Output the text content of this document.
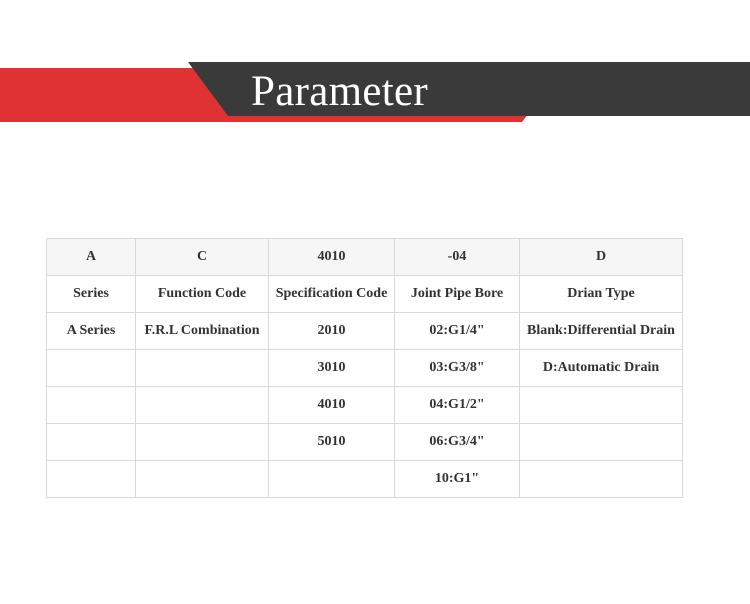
Parameter
A	C	4010	-04	D
Series	Function Code	Specification Code	Joint Pipe Bore	Drian Type
A Series	F.R.L Combination	2010	02:G1/4"	Blank:Differential Drain
		3010	03:G3/8"	D:Automatic Drain
		4010	04:G1/2"	
		5010	06:G3/4"	
			10:G1"	
